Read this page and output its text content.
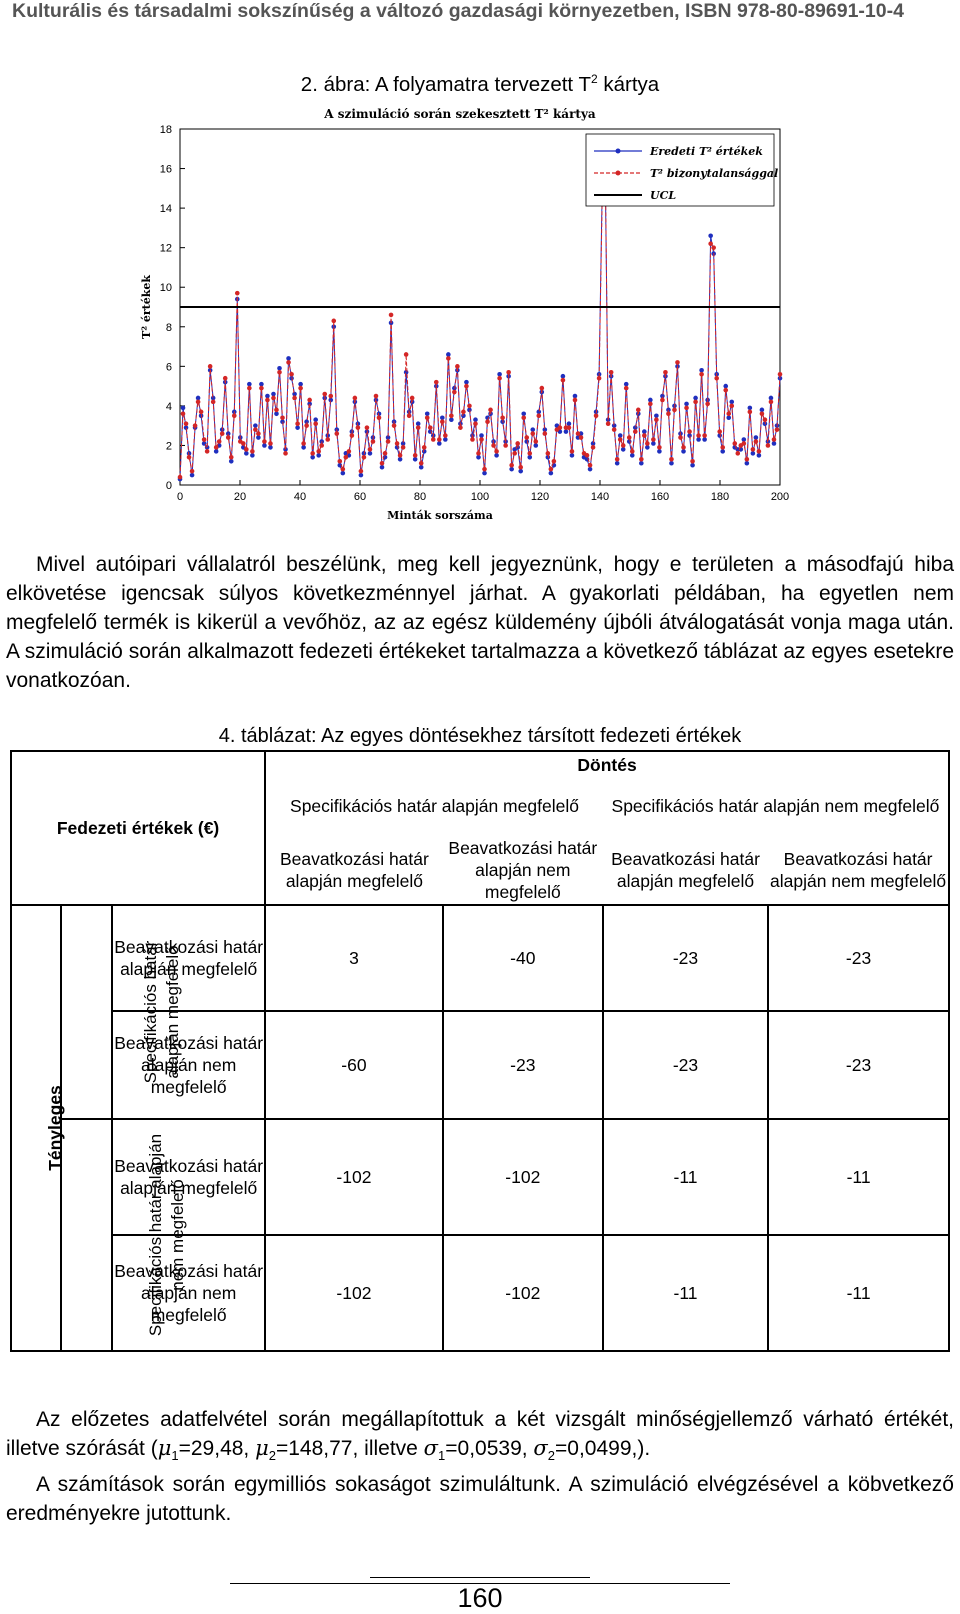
Kulturális és társadalmi sokszínűség a változó gazdasági környezetben, ISBN 978-80-89691-10-4
2. ábra: A folyamatra tervezett $T^2$ kártya
A szimuláció során szekesztett T² kártya
0
2
4
6
8
10
12
14
16
18
0	20	40	60	80	100	120	140	160	180	200
Minták sorszáma
T² értékek
Eredeti T² értékek
T² bizonytalansággal
UCL
Mivel autóipari vállalatról beszélünk, meg kell jegyeznünk, hogy e területen a másodfajú hiba elkövetése igencsak súlyos következménnyel járhat. A gyakorlati példában, ha egyetlen nem megfelelő termék is kikerül a vevőhöz, az az egész küldemény újbóli átválogatását vonja maga után. A szimuláció során alkalmazott fedezeti értékeket tartalmazza a következő táblázat az egyes esetekre vonatkozóan.
4. táblázat: Az egyes döntésekhez társított fedezeti értékek
Fedezeti értékek (€)			Döntés			
			Specifikációs határ alapján megfelelő		Specifikációs határ alapján nem megfelelő	
			Beavatkozási határ alapján megfelelő	Beavatkozási határ alapján nem megfelelő	Beavatkozási határ alapján megfelelő	Beavatkozási határ alapján nem megfelelő
Tényleges	Specifikációs határ alapján megfelelő	Beavatkozási határ alapján megfelelő	3	-40	-23	-23
		Beavatkozási határ alapján nem megfelelő	-60	-23	-23	-23
	Specifikációs határ alapján nem megfelelő	Beavatkozási határ alapján megfelelő	-102	-102	-11	-11
		Beavatkozási határ alapján nem megfelelő	-102	-102	-11	-11
Az előzetes adatfelvétel során megállapítottuk a két vizsgált minőségjellemző várható értékét, illetve szórását ($\mu_1=29,48$, $\mu_2=148,77$, illetve $\sigma_1=0,0539$, $\sigma_2=0,0499$,).
A számítások során egymilliós sokaságot szimuláltunk. A szimuláció elvégzésével a köbvetkező eredményekre jutottunk.
160
